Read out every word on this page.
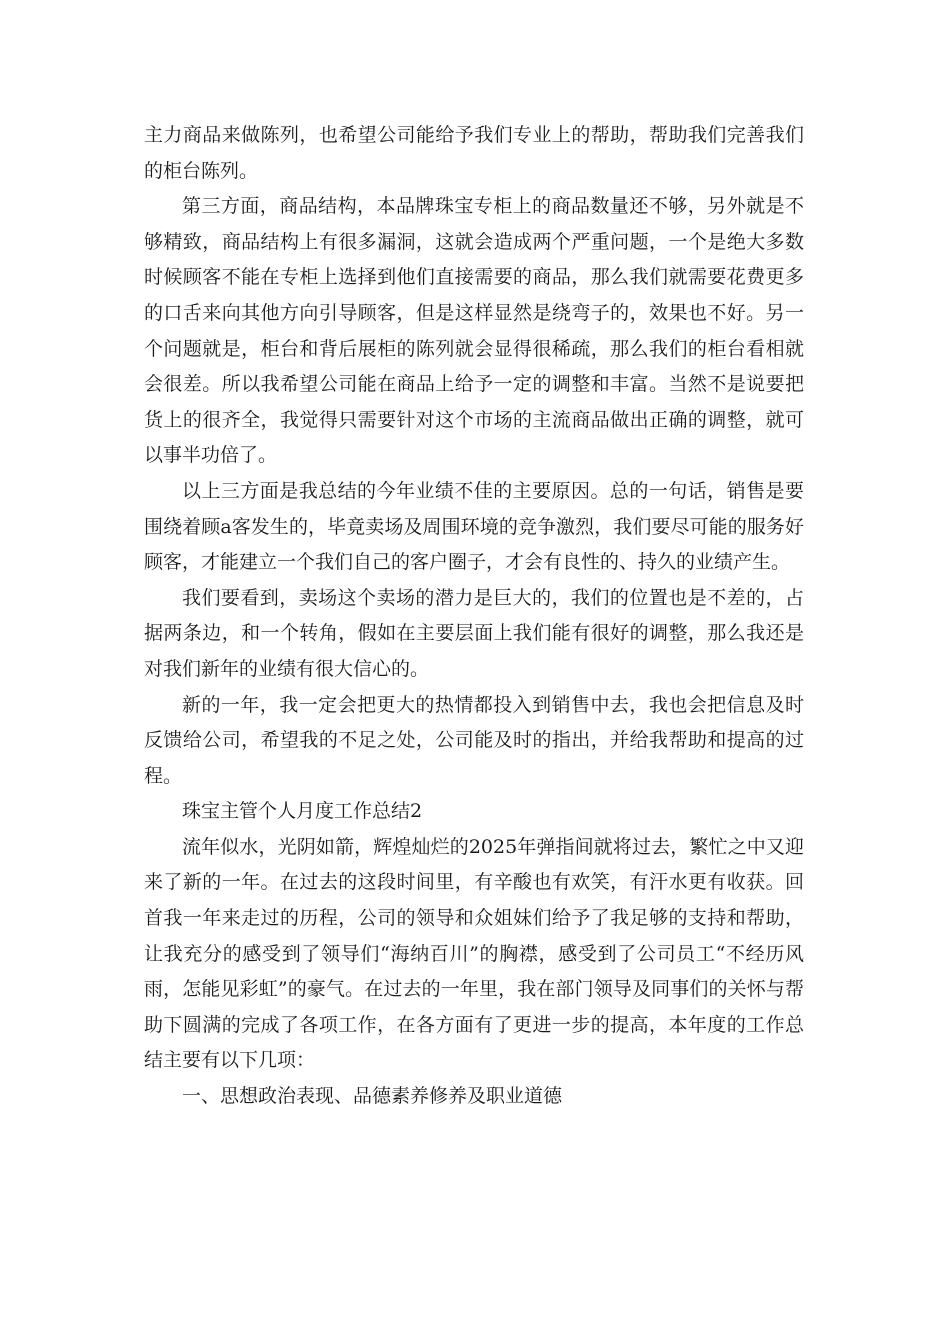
主力商品来做陈列，也希望公司能给予我们专业上的帮助，帮助我们完善我们的柜台陈列。

第三方面，商品结构，本品牌珠宝专柜上的商品数量还不够，另外就是不够精致，商品结构上有很多漏洞，这就会造成两个严重问题，一个是绝大多数时候顾客不能在专柜上选择到他们直接需要的商品，那么我们就需要花费更多的口舌来向其他方向引导顾客，但是这样显然是绕弯子的，效果也不好。另一个问题就是，柜台和背后展柜的陈列就会显得很稀疏，那么我们的柜台看相就会很差。所以我希望公司能在商品上给予一定的调整和丰富。当然不是说要把货上的很齐全，我觉得只需要针对这个市场的主流商品做出正确的调整，就可以事半功倍了。

以上三方面是我总结的今年业绩不佳的主要原因。总的一句话，销售是要围绕着顾a客发生的，毕竟卖场及周围环境的竞争激烈，我们要尽可能的服务好顾客，才能建立一个我们自己的客户圈子，才会有良性的、持久的业绩产生。

我们要看到，卖场这个卖场的潜力是巨大的，我们的位置也是不差的，占据两条边，和一个转角，假如在主要层面上我们能有很好的调整，那么我还是对我们新年的业绩有很大信心的。

新的一年，我一定会把更大的热情都投入到销售中去，我也会把信息及时反馈给公司，希望我的不足之处，公司能及时的指出，并给我帮助和提高的过程。

珠宝主管个人月度工作总结2

流年似水，光阴如箭，辉煌灿烂的2025年弹指间就将过去，繁忙之中又迎来了新的一年。在过去的这段时间里，有辛酸也有欢笑，有汗水更有收获。回首我一年来走过的历程，公司的领导和众姐妹们给予了我足够的支持和帮助，让我充分的感受到了领导们“海纳百川”的胸襟，感受到了公司员工“不经历风雨，怎能见彩虹”的豪气。在过去的一年里，我在部门领导及同事们的关怀与帮助下圆满的完成了各项工作，在各方面有了更进一步的提高，本年度的工作总结主要有以下几项：

一、思想政治表现、品德素养修养及职业道德
